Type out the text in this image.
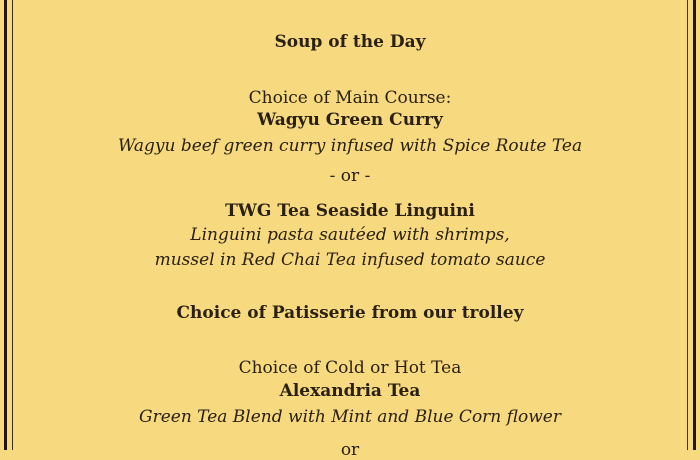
Soup of the Day
Choice of Main Course:
Wagyu Green Curry
Wagyu beef green curry infused with Spice Route Tea
- or -
TWG Tea Seaside Linguini
Linguini pasta sautéed with shrimps,
mussel in Red Chai Tea infused tomato sauce
Choice of Patisserie from our trolley
Choice of Cold or Hot Tea
Alexandria Tea
Green Tea Blend with Mint and Blue Corn flower
or
